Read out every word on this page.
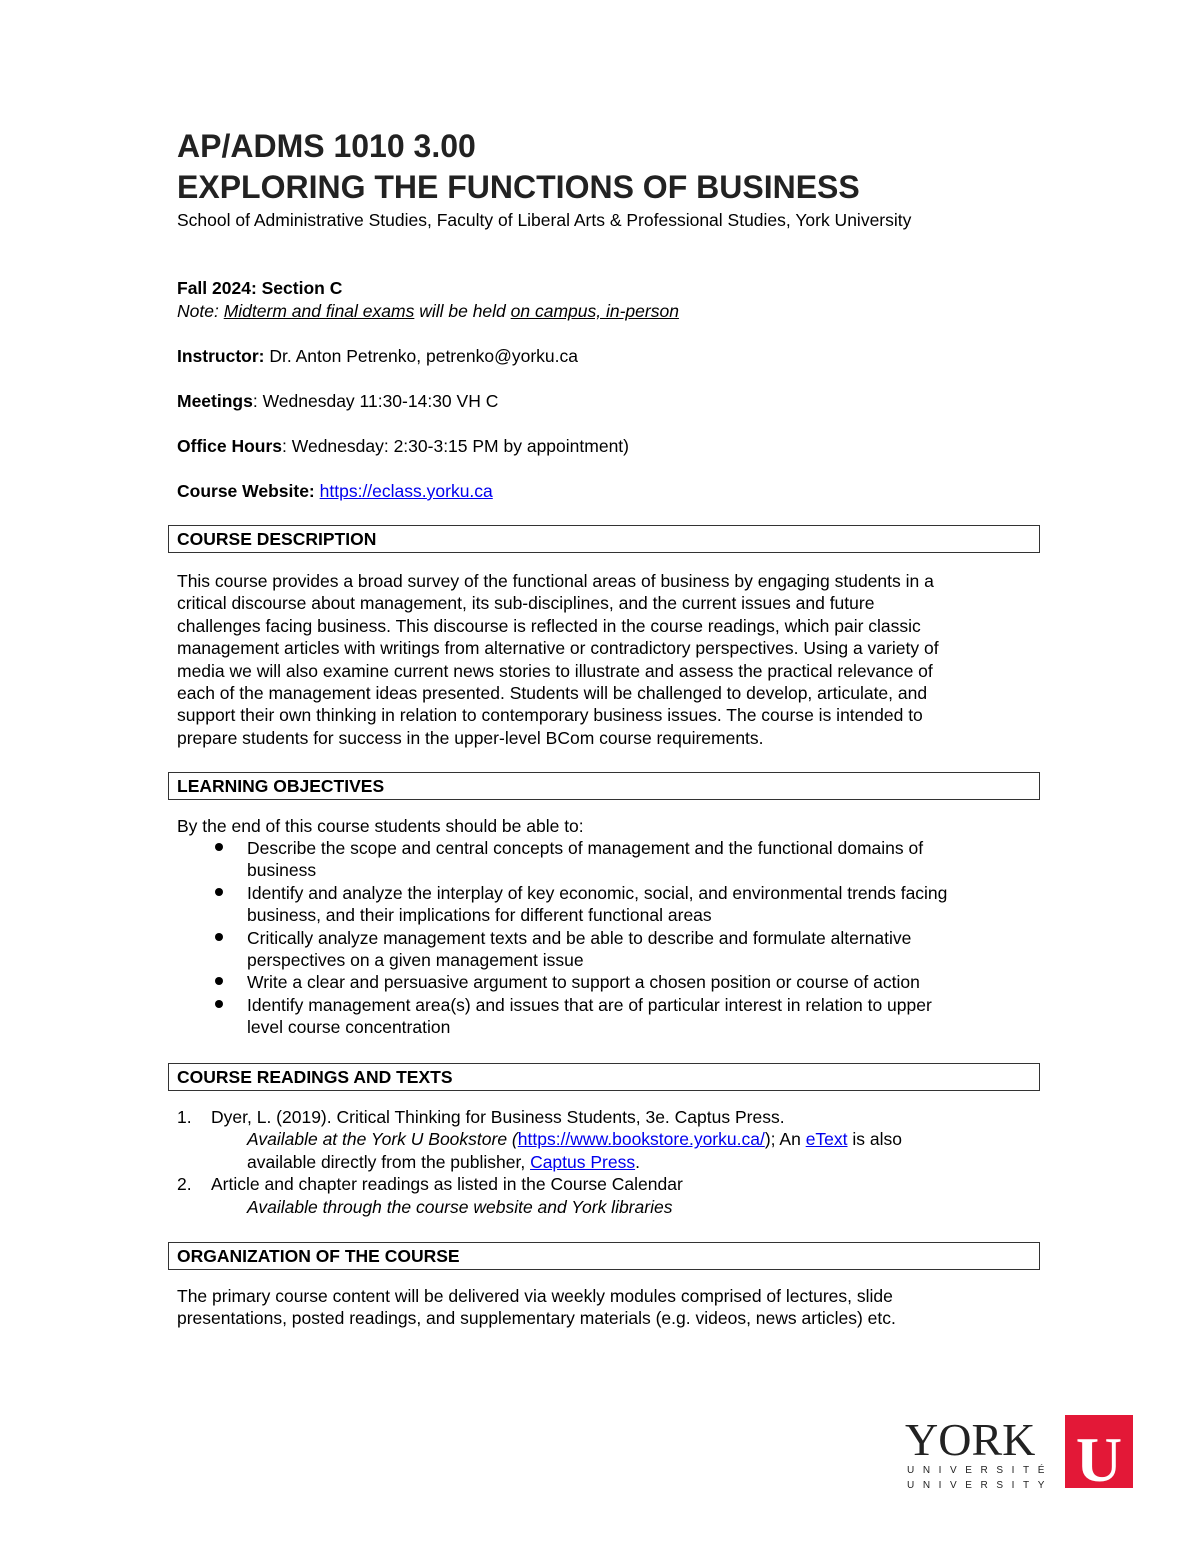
AP/ADMS 1010 3.00
EXPLORING THE FUNCTIONS OF BUSINESS
School of Administrative Studies, Faculty of Liberal Arts & Professional Studies, York University
Fall 2024: Section C
Note: Midterm and final exams will be held on campus, in-person
Instructor: Dr. Anton Petrenko, petrenko@yorku.ca
Meetings: Wednesday 11:30-14:30 VH C
Office Hours: Wednesday: 2:30-3:15 PM by appointment)
Course Website: https://eclass.yorku.ca
COURSE DESCRIPTION
This course provides a broad survey of the functional areas of business by engaging students in a
critical discourse about management, its sub-disciplines, and the current issues and future
challenges facing business. This discourse is reflected in the course readings, which pair classic
management articles with writings from alternative or contradictory perspectives. Using a variety of
media we will also examine current news stories to illustrate and assess the practical relevance of
each of the management ideas presented. Students will be challenged to develop, articulate, and
support their own thinking in relation to contemporary business issues. The course is intended to
prepare students for success in the upper-level BCom course requirements.
LEARNING OBJECTIVES
By the end of this course students should be able to:
Describe the scope and central concepts of management and the functional domains of
business
Identify and analyze the interplay of key economic, social, and environmental trends facing
business, and their implications for different functional areas
Critically analyze management texts and be able to describe and formulate alternative
perspectives on a given management issue
Write a clear and persuasive argument to support a chosen position or course of action
Identify management area(s) and issues that are of particular interest in relation to upper
level course concentration
COURSE READINGS AND TEXTS
1. Dyer, L. (2019). Critical Thinking for Business Students, 3e. Captus Press.
Available at the York U Bookstore (https://www.bookstore.yorku.ca/); An eText is also
available directly from the publisher, Captus Press.
2. Article and chapter readings as listed in the Course Calendar
Available through the course website and York libraries
ORGANIZATION OF THE COURSE
The primary course content will be delivered via weekly modules comprised of lectures, slide
presentations, posted readings, and supplementary materials (e.g. videos, news articles) etc.
YORK U
UNIVERSITÉ
UNIVERSITY
